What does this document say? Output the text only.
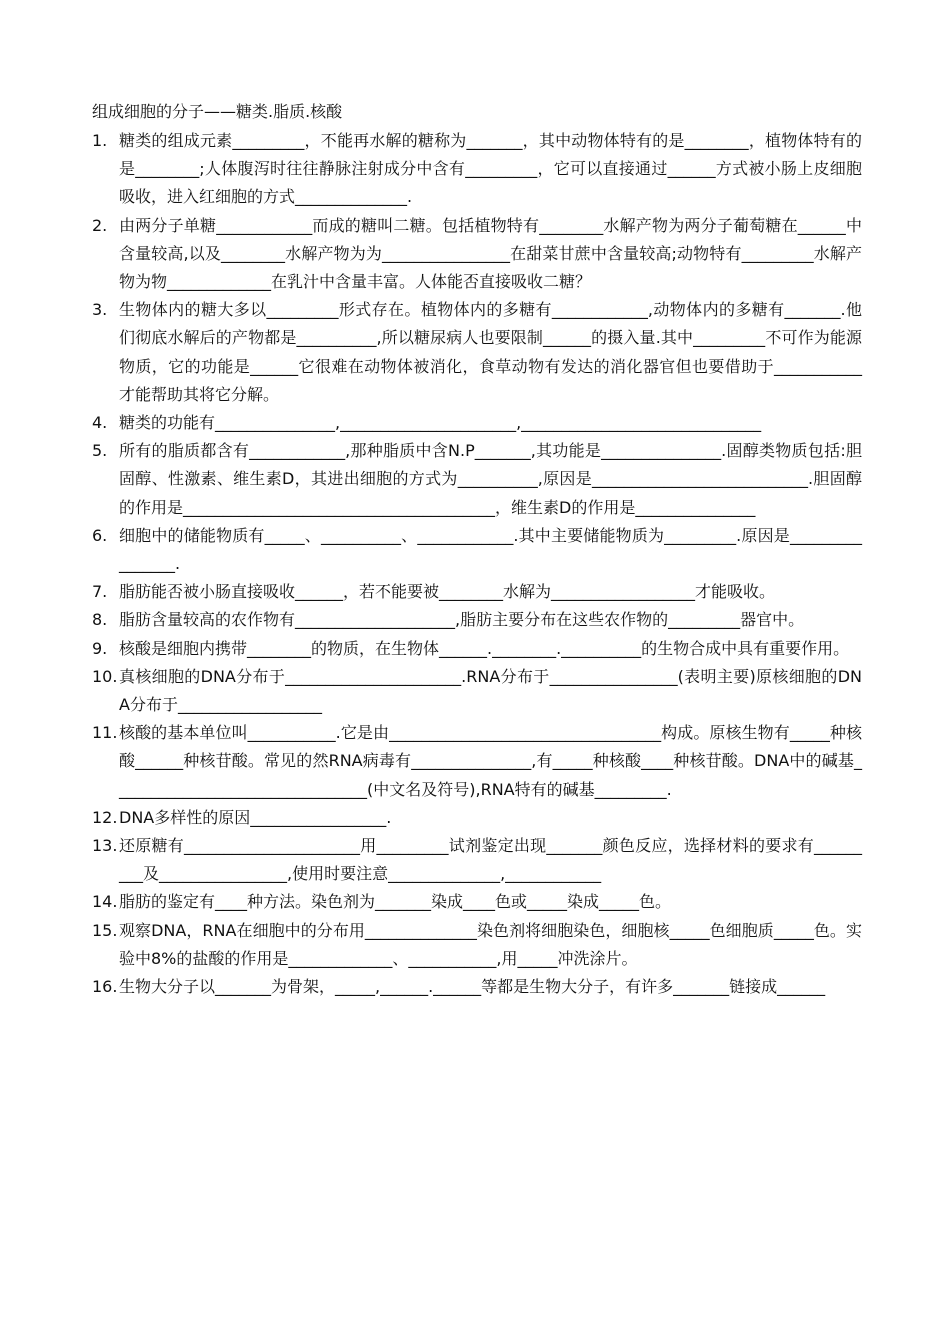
组成细胞的分子——糖类.脂质.核酸
1. 糖类的组成元素_________，不能再水解的糖称为_______，其中动物体特有的是________，植物体特有的是________;人体腹泻时往往静脉注射成分中含有_________，它可以直接通过______方式被小肠上皮细胞吸收，进入红细胞的方式______________.
2. 由两分子单糖____________而成的糖叫二糖。包括植物特有________水解产物为两分子葡萄糖在______中含量较高,以及________水解产物为为________________在甜菜甘蔗中含量较高;动物特有_________水解产物为物_____________在乳汁中含量丰富。人体能否直接吸收二糖？
3. 生物体内的糖大多以_________形式存在。植物体内的多糖有____________,动物体内的多糖有_______.他们彻底水解后的产物都是__________,所以糖尿病人也要限制______的摄入量.其中_________不可作为能源物质，它的功能是______它很难在动物体被消化，食草动物有发达的消化器官但也要借助于___________才能帮助其将它分解。
4. 糖类的功能有_______________,______________________,______________________________
5. 所有的脂质都含有____________,那种脂质中含N.P_______,其功能是_______________.固醇类物质包括:胆固醇、性激素、维生素D，其进出细胞的方式为__________,原因是___________________________.胆固醇的作用是_______________________________________，维生素D的作用是_______________
6. 细胞中的储能物质有_____、__________、____________.其中主要储能物质为_________.原因是________________.
7. 脂肪能否被小肠直接吸收______，若不能要被________水解为__________________才能吸收。
8. 脂肪含量较高的农作物有____________________,脂肪主要分布在这些农作物的_________器官中。
9. 核酸是细胞内携带________的物质，在生物体______.________.__________的生物合成中具有重要作用。
10. 真核细胞的DNA分布于______________________.RNA分布于________________(表明主要)原核细胞的DNA分布于__________________
11. 核酸的基本单位叫___________.它是由__________________________________构成。原核生物有_____种核酸______种核苷酸。常见的然RNA病毒有_______________,有_____种核酸____种核苷酸。DNA中的碱基________________________________(中文名及符号),RNA特有的碱基_________.
12. DNA多样性的原因_________________.
13. 还原糖有______________________用_________试剂鉴定出现_______颜色反应，选择材料的要求有_________及________________,使用时要注意______________,____________
14. 脂肪的鉴定有____种方法。染色剂为_______染成____色或_____染成_____色。
15. 观察DNA，RNA在细胞中的分布用______________染色剂将细胞染色，细胞核_____色细胞质_____色。实验中8%的盐酸的作用是_____________、___________,用_____冲洗涂片。
16. 生物大分子以_______为骨架，_____,______.______等都是生物大分子，有许多_______链接成______
